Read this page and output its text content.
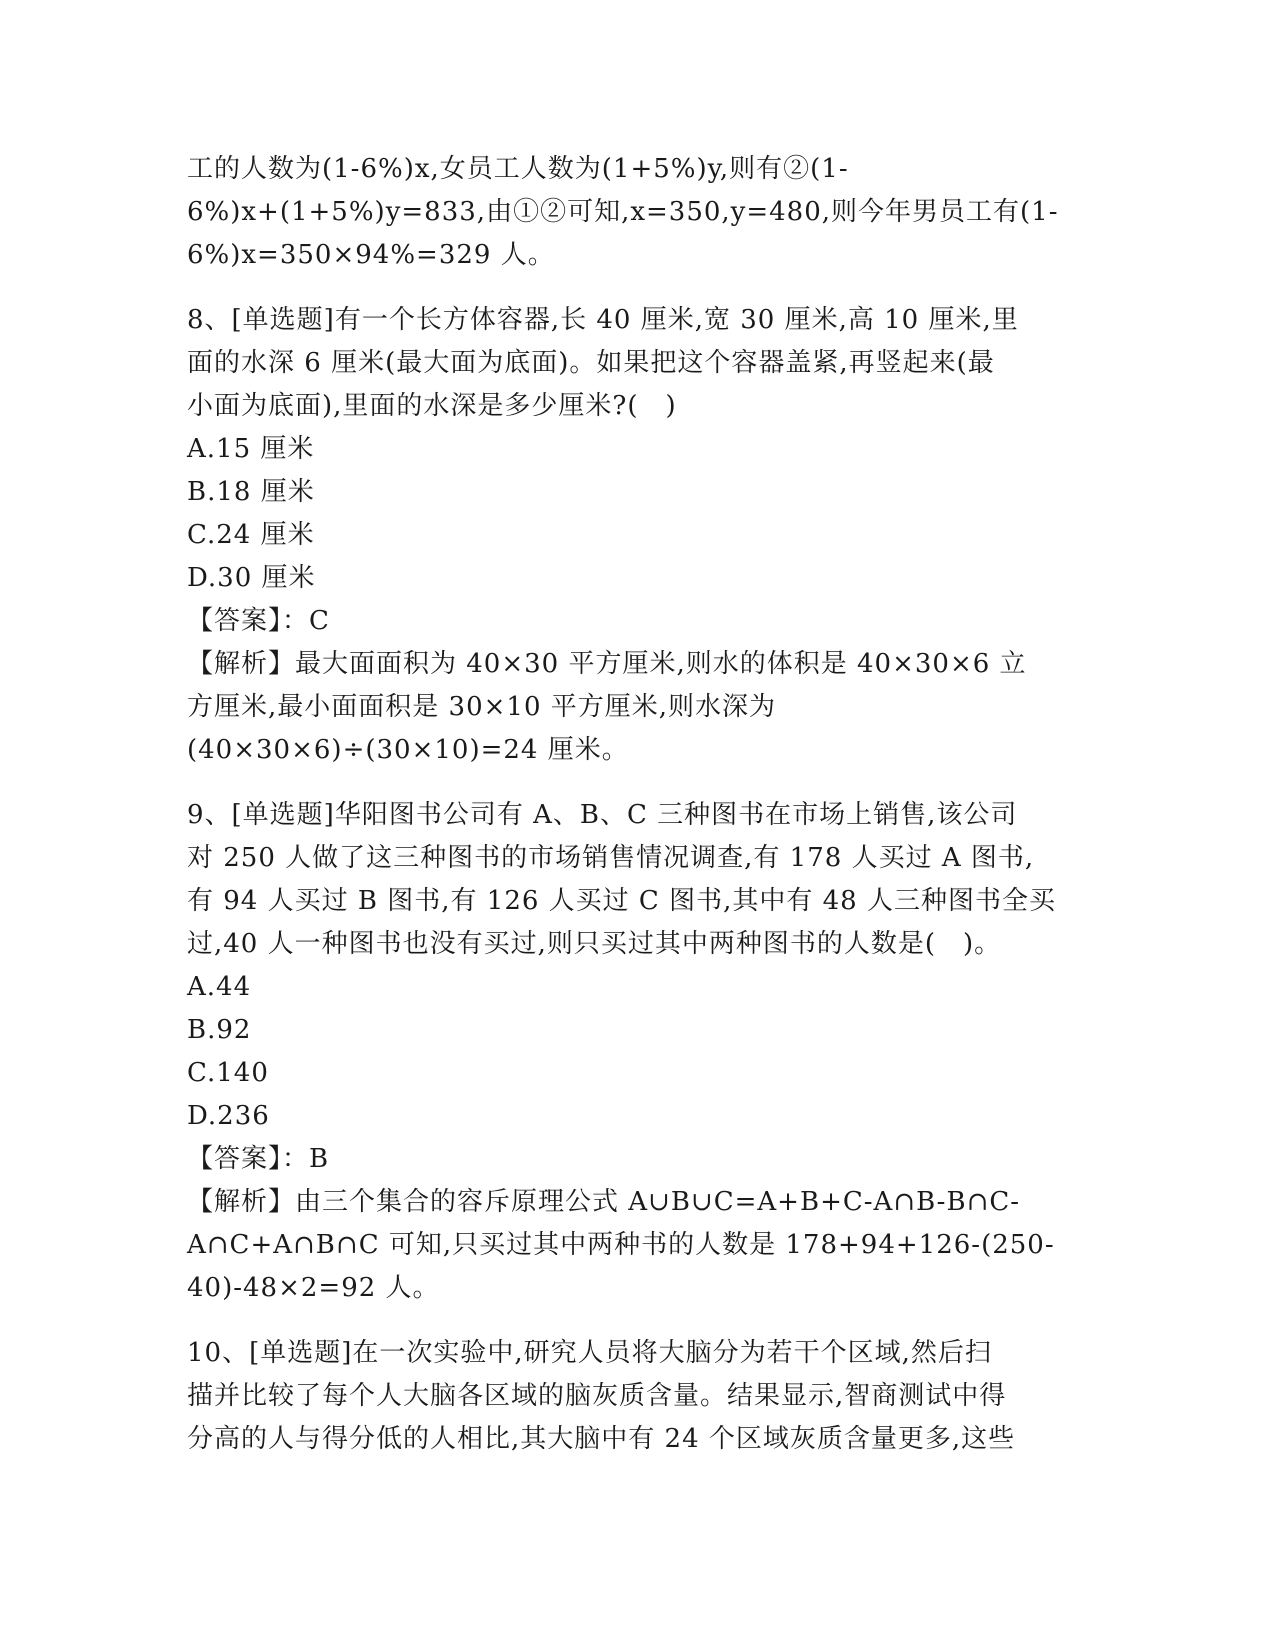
工的人数为(1-6%)x,女员工人数为(1+5%)y,则有②(1-
6%)x+(1+5%)y=833,由①②可知,x=350,y=480,则今年男员工有(1-
6%)x=350×94%=329 人。
8、[单选题]有一个长方体容器,长 40 厘米,宽 30 厘米,高 10 厘米,里
面的水深 6 厘米(最大面为底面)。如果把这个容器盖紧,再竖起来(最
小面为底面),里面的水深是多少厘米?(　)
A.15 厘米
B.18 厘米
C.24 厘米
D.30 厘米
【答案】：C
【解析】最大面面积为 40×30 平方厘米,则水的体积是 40×30×6 立
方厘米,最小面面积是 30×10 平方厘米,则水深为
(40×30×6)÷(30×10)=24 厘米。
9、[单选题]华阳图书公司有 A、B、C 三种图书在市场上销售,该公司
对 250 人做了这三种图书的市场销售情况调查,有 178 人买过 A 图书,
有 94 人买过 B 图书,有 126 人买过 C 图书,其中有 48 人三种图书全买
过,40 人一种图书也没有买过,则只买过其中两种图书的人数是(　)。
A.44
B.92
C.140
D.236
【答案】：B
【解析】由三个集合的容斥原理公式 A∪B∪C=A+B+C-A∩B-B∩C-
A∩C+A∩B∩C 可知,只买过其中两种书的人数是 178+94+126-(250-
40)-48×2=92 人。
10、[单选题]在一次实验中,研究人员将大脑分为若干个区域,然后扫
描并比较了每个人大脑各区域的脑灰质含量。结果显示,智商测试中得
分高的人与得分低的人相比,其大脑中有 24 个区域灰质含量更多,这些
